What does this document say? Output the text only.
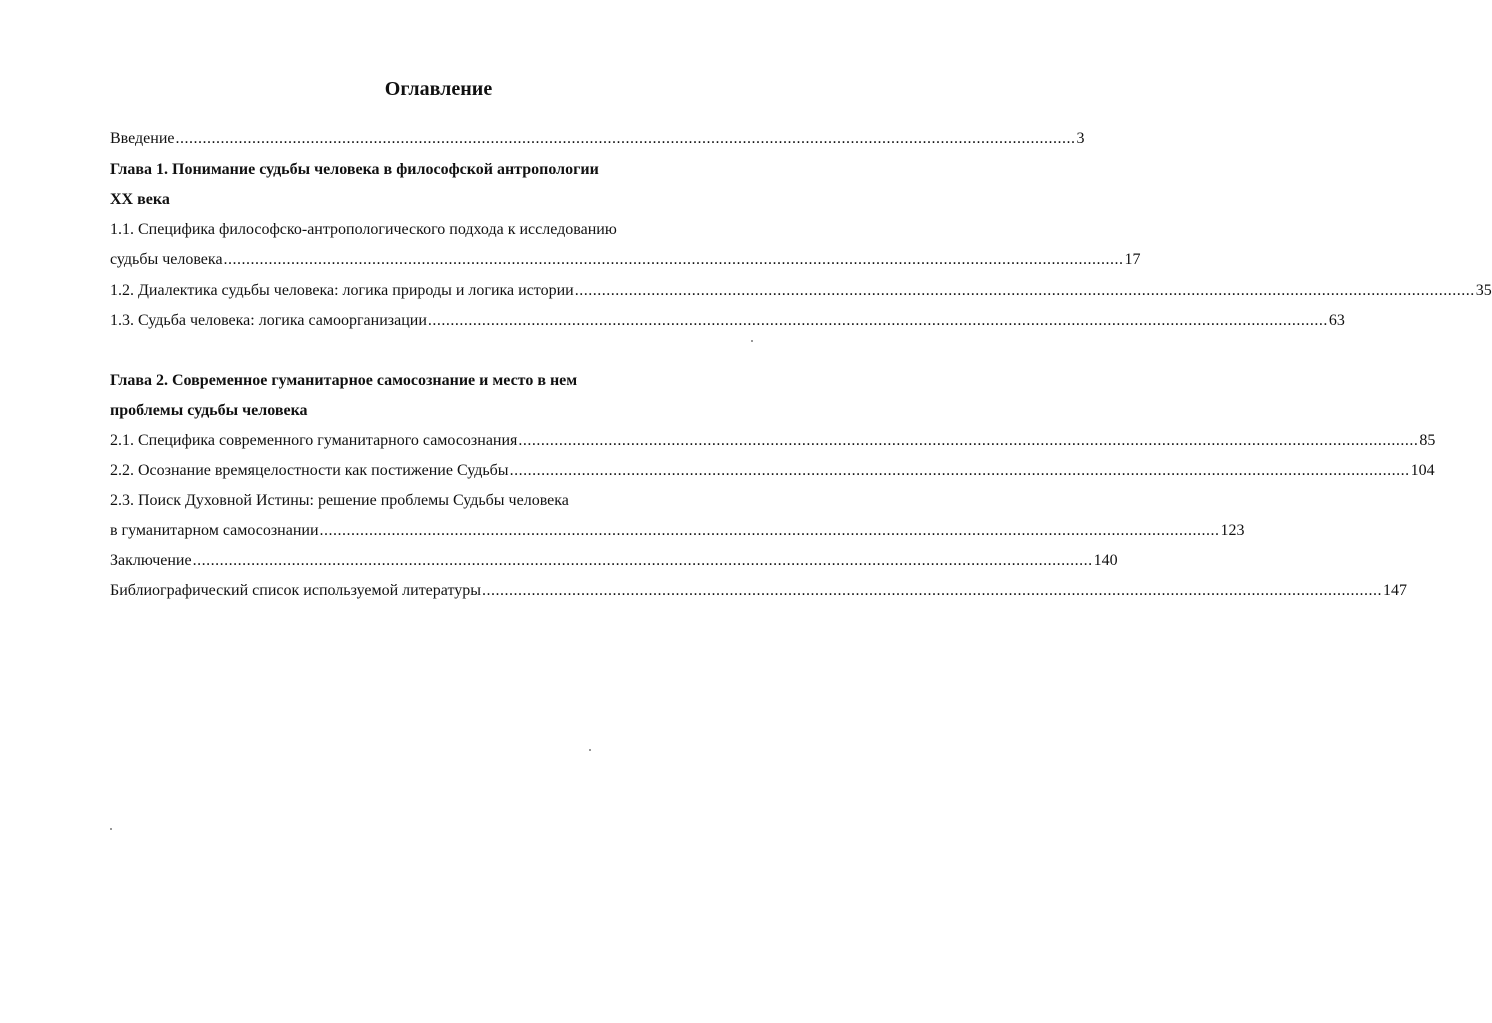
Оглавление
Введение ........................................................................................................................................................................................................ 3
Глава 1. Понимание судьбы человека в философской антропологии
XX века
1.1. Специфика философско-антропологического подхода к исследованию
судьбы человека ........................................................................................................................................................................................................ 17
1.2. Диалектика судьбы человека: логика природы и логика истории ........................................................................................................................................................................................................ 35
1.3. Судьба человека: логика самоорганизации ........................................................................................................................................................................................................ 63
Глава 2. Современное гуманитарное самосознание и место в нем
проблемы судьбы человека
2.1. Специфика современного гуманитарного самосознания ........................................................................................................................................................................................................ 85
2.2. Осознание времяцелостности как постижение Судьбы ........................................................................................................................................................................................................ 104
2.3. Поиск Духовной Истины: решение проблемы Судьбы человека
в гуманитарном самосознании ........................................................................................................................................................................................................ 123
Заключение ........................................................................................................................................................................................................ 140
Библиографический список используемой литературы ........................................................................................................................................................................................................ 147
